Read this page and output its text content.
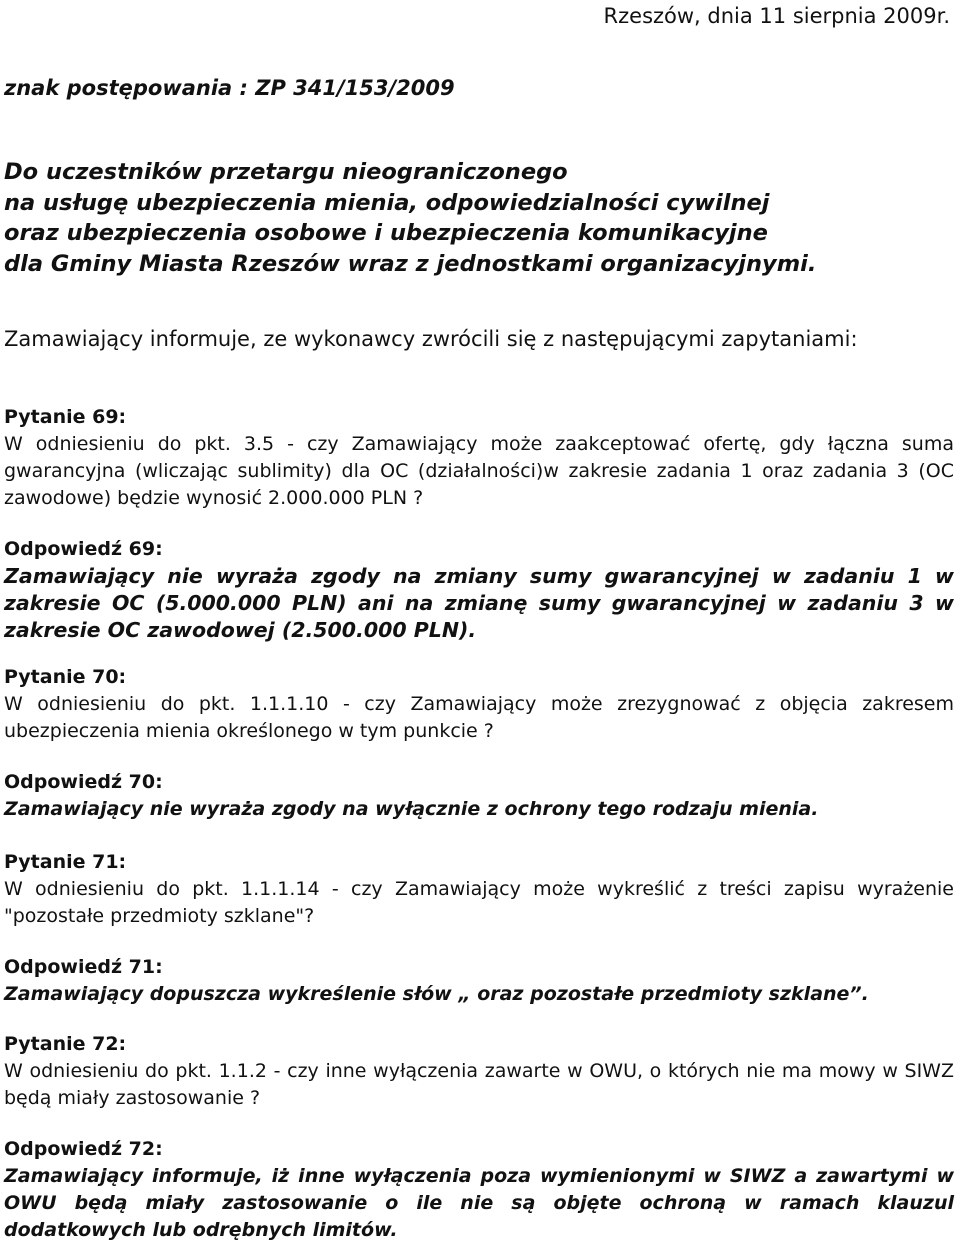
Rzeszów, dnia 11 sierpnia 2009r.
znak postępowania : ZP 341/153/2009
Do uczestników przetargu nieograniczonego
na usługę ubezpieczenia mienia, odpowiedzialności cywilnej
oraz ubezpieczenia osobowe i ubezpieczenia komunikacyjne
dla Gminy Miasta Rzeszów wraz z jednostkami organizacyjnymi.
Zamawiający informuje, ze wykonawcy zwrócili się z następującymi zapytaniami:
Pytanie 69:
W odniesieniu do pkt. 3.5 - czy Zamawiający może zaakceptować ofertę, gdy łączna suma gwarancyjna (wliczając sublimity) dla OC (działalności)w zakresie zadania 1 oraz zadania 3 (OC zawodowe) będzie wynosić 2.000.000 PLN ?
Odpowiedź 69:
Zamawiający nie wyraża zgody na zmiany sumy gwarancyjnej w zadaniu 1 w zakresie OC (5.000.000 PLN) ani na zmianę sumy gwarancyjnej w zadaniu 3 w zakresie OC zawodowej (2.500.000 PLN).
Pytanie 70:
W odniesieniu do pkt. 1.1.1.10 - czy Zamawiający może zrezygnować z objęcia zakresem ubezpieczenia mienia określonego w tym punkcie ?
Odpowiedź 70:
Zamawiający nie wyraża zgody na wyłącznie z ochrony tego rodzaju mienia.
Pytanie 71:
W odniesieniu do pkt. 1.1.1.14 - czy Zamawiający może wykreślić z treści zapisu wyrażenie "pozostałe przedmioty szklane"?
Odpowiedź 71:
Zamawiający dopuszcza wykreślenie słów „ oraz pozostałe przedmioty szklane”.
Pytanie 72:
W odniesieniu do pkt. 1.1.2 - czy inne wyłączenia zawarte w OWU, o których nie ma mowy w SIWZ będą miały zastosowanie ?
Odpowiedź 72:
Zamawiający informuje, iż inne wyłączenia poza wymienionymi w SIWZ a zawartymi w OWU będą miały zastosowanie o ile nie są objęte ochroną w ramach klauzul dodatkowych lub odrębnych limitów.
